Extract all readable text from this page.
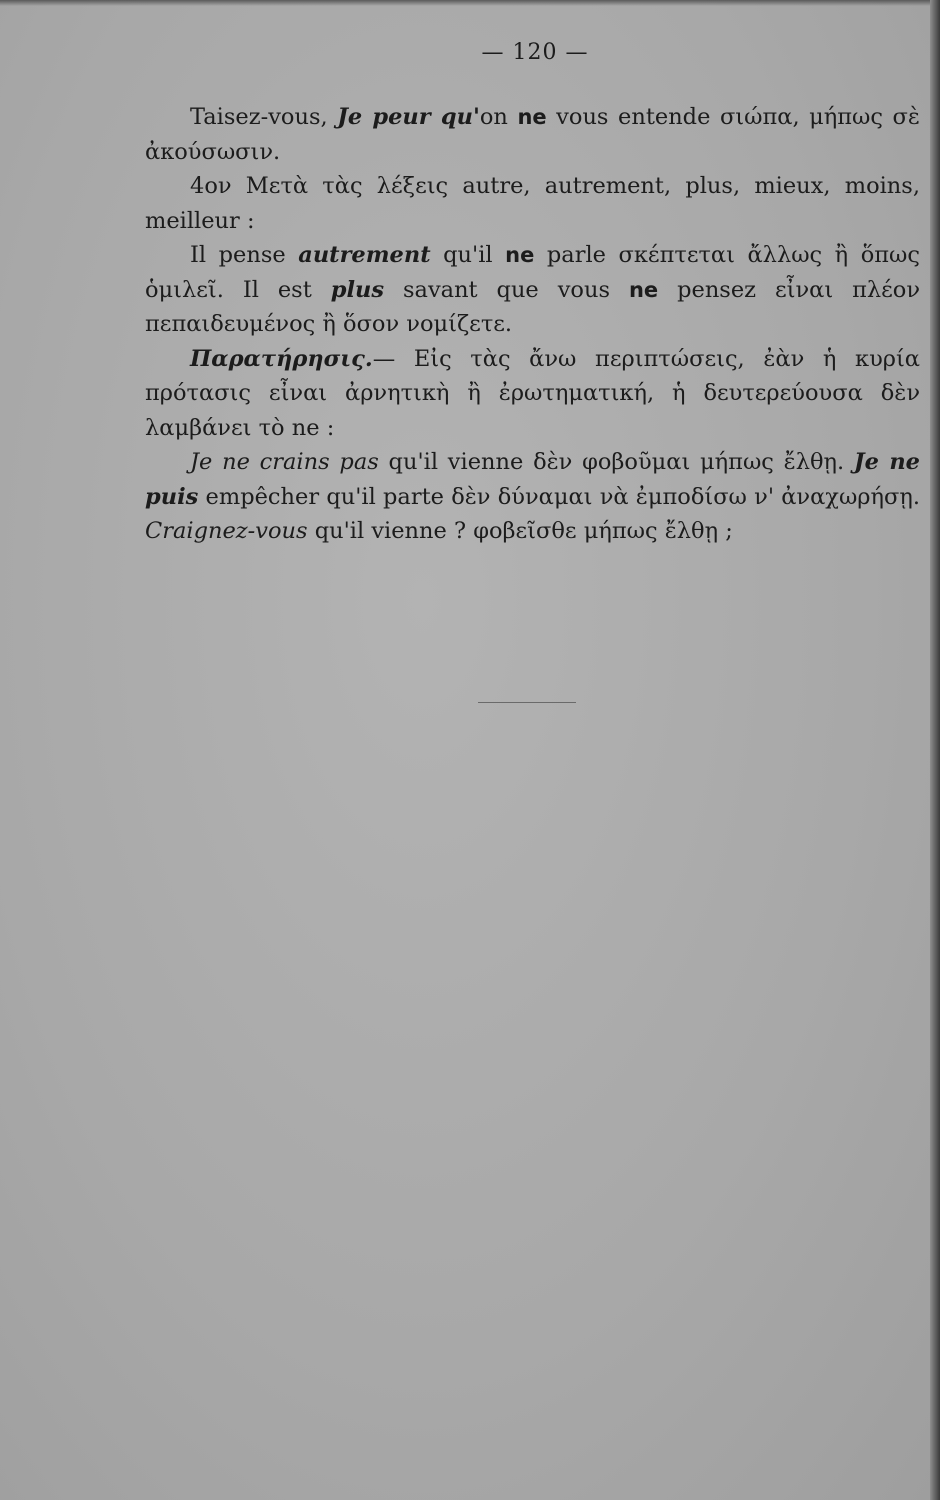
— 120 —

Taisez-vous, Je peur qu'on ne vous entende σιώπα, μήπως σὲ ἀκούσωσιν.

4ον Μετὰ τὰς λέξεις autre, autrement, plus, mieux, moins, meilleur :

Il pense autrement qu'il ne parle σκέπτεται ἄλλως ἢ ὅπως ὁμιλεῖ. Il est plus savant que vous ne pensez εἶναι πλέον πεπαιδευμένος ἢ ὅσον νομίζετε.

Παρατήρησις.— Εἰς τὰς ἄνω περιπτώσεις, ἐὰν ἡ κυρία πρότασις εἶναι ἀρνητικὴ ἢ ἐρωτηματική, ἡ δευτερεύουσα δὲν λαμβάνει τὸ ne :

Je ne crains pas qu'il vienne δὲν φοβοῦμαι μήπως ἔλθῃ. Je ne puis empêcher qu'il parte δὲν δύναμαι νὰ ἐμποδίσω ν' ἀναχωρήσῃ. Craignez-vous qu'il vienne ? φοβεῖσθε μήπως ἔλθῃ ;
